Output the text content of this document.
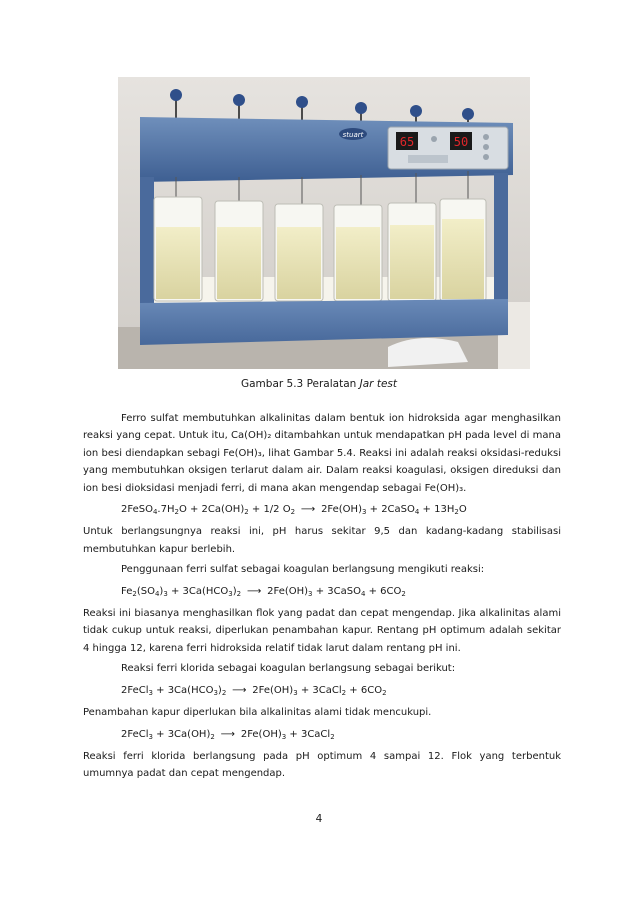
65	50
stuart
Gambar 5.3 Peralatan Jar test

Ferro sulfat membutuhkan alkalinitas dalam bentuk ion hidroksida agar menghasilkan reaksi yang cepat. Untuk itu, Ca(OH)₂ ditambahkan untuk mendapatkan pH pada level di mana ion besi diendapkan sebagi Fe(OH)₃, lihat Gambar 5.4. Reaksi ini adalah reaksi oksidasi-reduksi yang membutuhkan oksigen terlarut dalam air. Dalam reaksi koagulasi, oksigen direduksi dan ion besi dioksidasi menjadi ferri, di mana akan mengendap sebagai Fe(OH)₃.

$2FeSO_4.7H_2O + 2Ca(OH)_2 + 1/2$ $O_2$ ⟶ $2Fe(OH)_3$ + 2CaSO$_4$ + $13H_2O$

Untuk berlangsungnya reaksi ini, pH harus sekitar 9,5 dan kadang-kadang stabilisasi membutuhkan kapur berlebih.

Penggunaan ferri sulfat sebagai koagulan berlangsung mengikuti reaksi:

$Fe_2(SO_4)_3 + 3Ca(HCO_3)_2$ ⟶ $2Fe(OH)_3$ + 3CaSO$_4$ + $6CO_2$

Reaksi ini biasanya menghasilkan flok yang padat dan cepat mengendap. Jika alkalinitas alami tidak cukup untuk reaksi, diperlukan penambahan kapur. Rentang pH optimum adalah sekitar 4 hingga 12, karena ferri hidroksida relatif tidak larut dalam rentang pH ini.

Reaksi ferri klorida sebagai koagulan berlangsung sebagai berikut:

2FeCl$_3$ + $3Ca(HCO_3)_2$ ⟶ $2Fe(OH)_3$ + 3CaCl$_2$ + $6CO_2$

Penambahan kapur diperlukan bila alkalinitas alami tidak mencukupi.

2FeCl$_3$ + $3Ca(OH)_2$ ⟶ $2Fe(OH)_3$ + 3CaCl$_2$

Reaksi ferri klorida berlangsung pada pH optimum 4 sampai 12. Flok yang terbentuk umumnya padat dan cepat mengendap.

4
